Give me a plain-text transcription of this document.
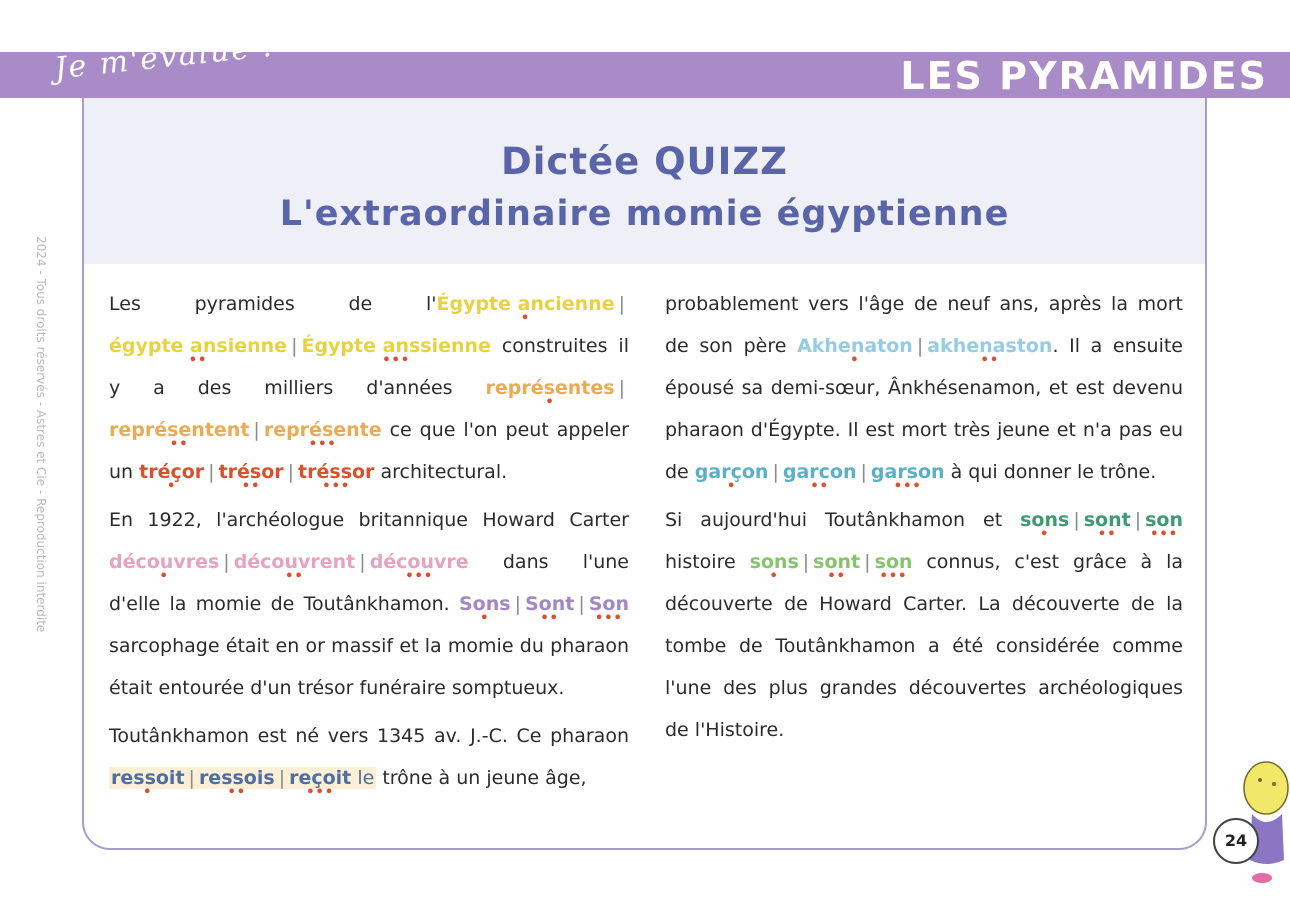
Je m'évalue !	LES PYRAMIDES
2024 - Tous droits réservés - Astres et Cie - Reproduction interdite
Dictée QUIZZ
L'extraordinaire momie égyptienne

Les pyramides de l'Égypte ancienne
•
|égypte ansienne
••
| Égypte anssienne
•••
construites il y a des milliers d'années représentes
•
|représentent
••
| représente
•••
ce que l'on peut appeler un tréçor
•
| trésor
••
| tréssor
•••
architectural.

En 1922, l'archéologue britannique Howard Carter découvres
•
| découvrent
••
| découvre
•••
dans l'une d'elle la momie de Toutânkhamon. Sons
•
| Sont
••
| Son
•••
sarcophage était en or massif et la momie du pharaon était entourée d'un trésor funéraire somptueux.

Toutânkhamon est né vers 1345 av. J.-C. Ce pharaon ressoit
•
| ressois
••
| reçoit
•••
le trône à un jeune âge,

probablement vers l'âge de neuf ans, après la mort de son père Akhenaton
•
| akhenaston
••
. Il a ensuite épousé sa demi-sœur, Ânkhésenamon, et est devenu pharaon d'Égypte. Il est mort très jeune et n'a pas eu de garçon
•
| garcon
••
| garson
•••
à qui donner le trône.

Si aujourd'hui Toutânkhamon et sons
•
| sont
••
| son
•••
histoire sons
•
| sont
••
| son
•••
connus, c'est grâce à la découverte de Howard Carter. La découverte de la tombe de Toutânkhamon a été considérée comme l'une des plus grandes découvertes archéologiques de l'Histoire.

24
